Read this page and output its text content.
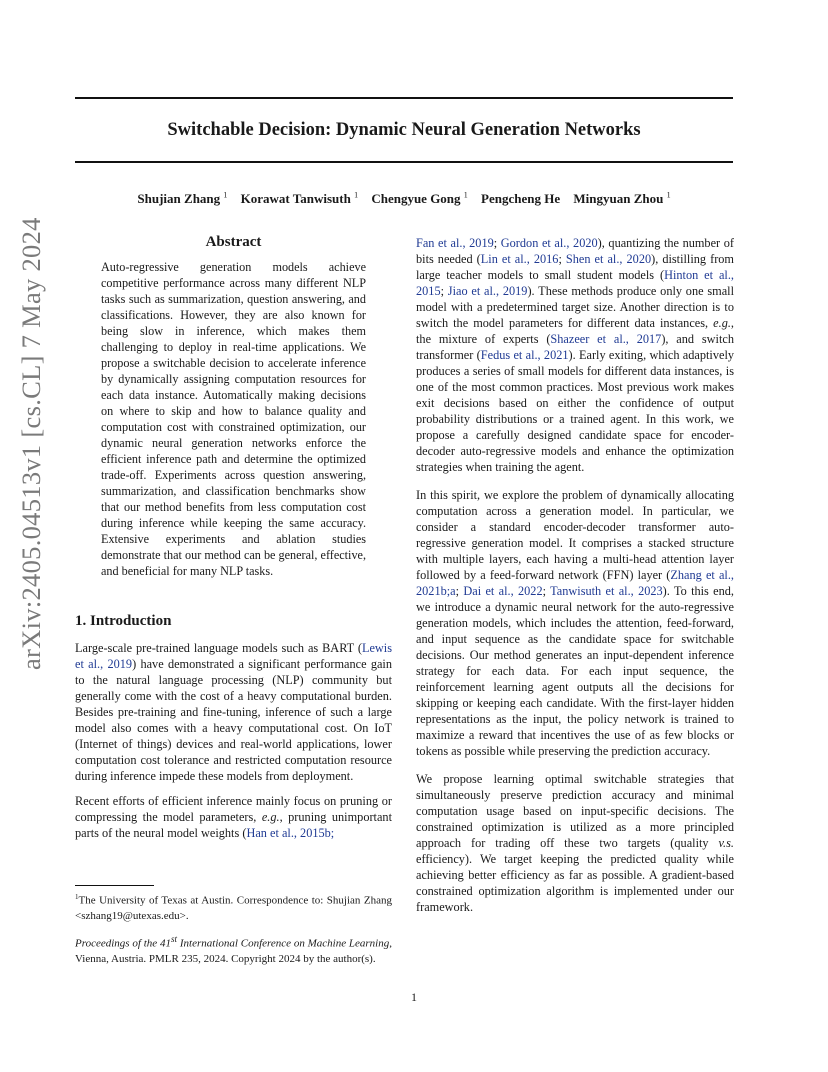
arXiv:2405.04513v1 [cs.CL] 7 May 2024
Switchable Decision: Dynamic Neural Generation Networks
Shujian Zhang $^1$ Korawat Tanwisuth $^1$ Chengyue Gong $^1$ Pengcheng He Mingyuan Zhou $^1$
Abstract

Auto-regressive generation models achieve competitive performance across many different NLP tasks such as summarization, question answering, and classifications. However, they are also known for being slow in inference, which makes them challenging to deploy in real-time applications. We propose a switchable decision to accelerate inference by dynamically assigning computation resources for each data instance. Automatically making decisions on where to skip and how to balance quality and computation cost with constrained optimization, our dynamic neural generation networks enforce the efficient inference path and determine the optimized trade-off. Experiments across question answering, summarization, and classification benchmarks show that our method benefits from less computation cost during inference while keeping the same accuracy. Extensive experiments and ablation studies demonstrate that our method can be general, effective, and beneficial for many NLP tasks.

1. Introduction

Large-scale pre-trained language models such as BART (Lewis et al., 2019) have demonstrated a significant performance gain to the natural language processing (NLP) community but generally come with the cost of a heavy computational burden. Besides pre-training and fine-tuning, inference of such a large model also comes with a heavy computational cost. On IoT (Internet of things) devices and real-world applications, lower computation cost tolerance and restricted computation resource during inference impede these models from deployment.

Recent efforts of efficient inference mainly focus on pruning or compressing the model parameters, e.g., pruning unimportant parts of the neural model weights (Han et al., 2015b;

$^1$The University of Texas at Austin. Correspondence to: Shujian Zhang <szhang19@utexas.edu>.
Proceedings of the 41st International Conference on Machine Learning, Vienna, Austria. PMLR 235, 2024. Copyright 2024 by the author(s).

Fan et al., 2019; Gordon et al., 2020), quantizing the number of bits needed (Lin et al., 2016; Shen et al., 2020), distilling from large teacher models to small student models (Hinton et al., 2015; Jiao et al., 2019). These methods produce only one small model with a predetermined target size. Another direction is to switch the model parameters for different data instances, e.g., the mixture of experts (Shazeer et al., 2017), and switch transformer (Fedus et al., 2021). Early exiting, which adaptively produces a series of small models for different data instances, is one of the most common practices. Most previous work makes exit decisions based on either the confidence of output probability distributions or a trained agent. In this work, we propose a carefully designed candidate space for encoder-decoder auto-regressive models and enhance the optimization strategies when training the agent.

In this spirit, we explore the problem of dynamically allocating computation across a generation model. In particular, we consider a standard encoder-decoder transformer auto-regressive generation model. It comprises a stacked structure with multiple layers, each having a multi-head attention layer followed by a feed-forward network (FFN) layer (Zhang et al., 2021b;a; Dai et al., 2022; Tanwisuth et al., 2023). To this end, we introduce a dynamic neural network for the auto-regressive generation models, which includes the attention, feed-forward, and input sequence as the candidate space for switchable decisions. Our method generates an input-dependent inference strategy for each data. For each input sequence, the reinforcement learning agent outputs all the decisions for skipping or keeping each candidate. With the first-layer hidden representations as the input, the policy network is trained to maximize a reward that incentives the use of as few blocks or tokens as possible while preserving the prediction accuracy.

We propose learning optimal switchable strategies that simultaneously preserve prediction accuracy and minimal computation usage based on input-specific decisions. The constrained optimization is utilized as a more principled approach for trading off these two targets (quality v.s. efficiency). We target keeping the predicted quality while achieving better efficiency as far as possible. A gradient-based constrained optimization algorithm is implemented under our framework.

1
